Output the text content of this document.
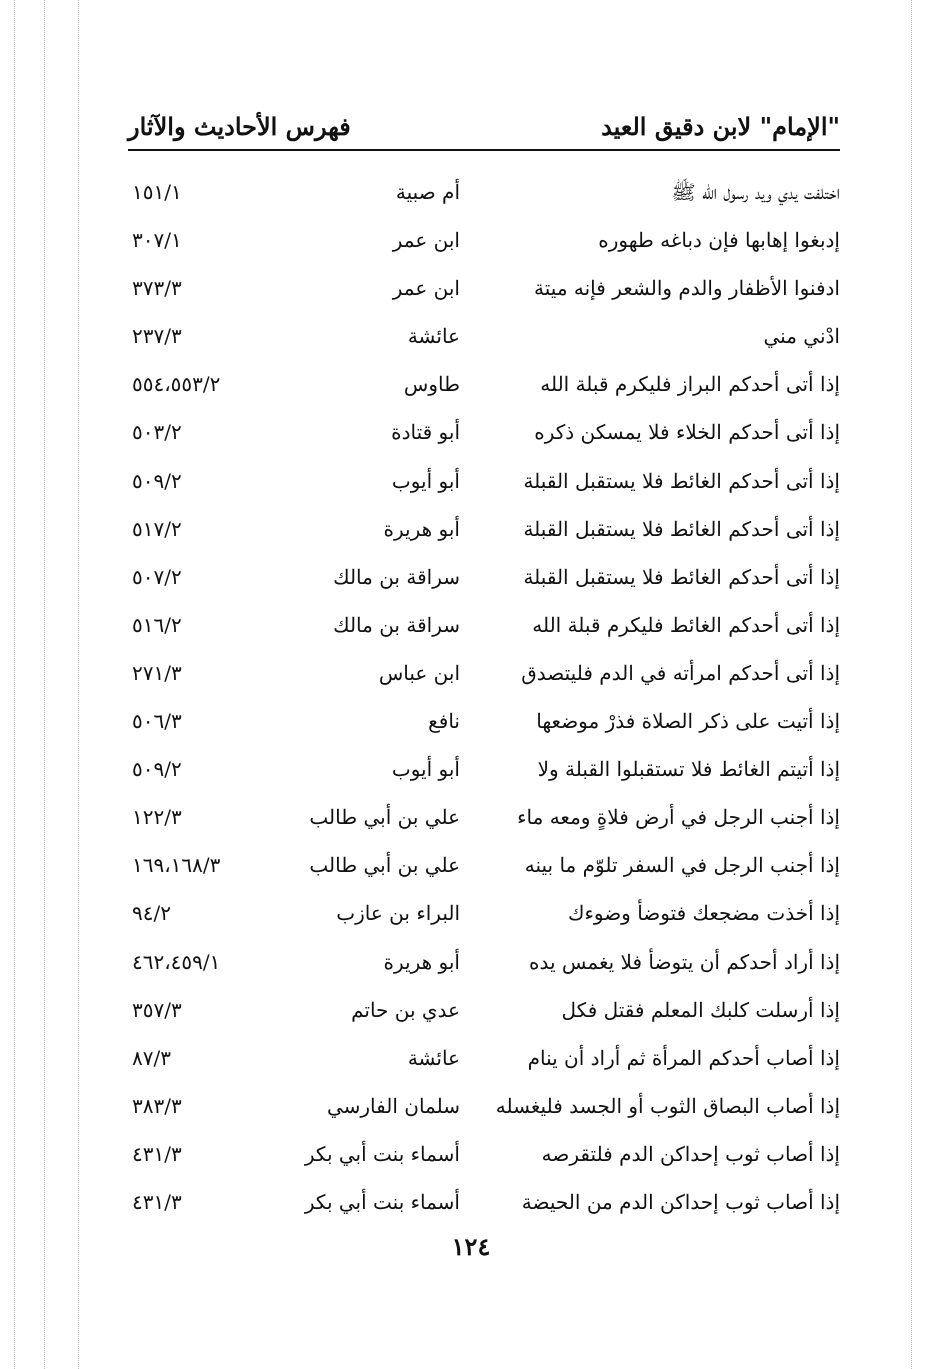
"الإمام" لابن دقيق العيد
فهرس الأحاديث والآثار
اختلفت يدي ويد رسول الله ﷺ
أم صبية
١٥١/١
إدبغوا إهابها فإن دباغه طهوره
ابن عمر
٣٠٧/١
ادفنوا الأظفار والدم والشعر فإنه ميتة
ابن عمر
٣٧٣/٣
ادْني مني
عائشة
٢٣٧/٣
إذا أتى أحدكم البراز فليكرم قبلة الله
طاوس
٥٥٤،٥٥٣/٢
إذا أتى أحدكم الخلاء فلا يمسكن ذكره
أبو قتادة
٥٠٣/٢
إذا أتى أحدكم الغائط فلا يستقبل القبلة
أبو أيوب
٥٠٩/٢
إذا أتى أحدكم الغائط فلا يستقبل القبلة
أبو هريرة
٥١٧/٢
إذا أتى أحدكم الغائط فلا يستقبل القبلة
سراقة بن مالك
٥٠٧/٢
إذا أتى أحدكم الغائط فليكرم قبلة الله
سراقة بن مالك
٥١٦/٢
إذا أتى أحدكم امرأته في الدم فليتصدق
ابن عباس
٢٧١/٣
إذا أتيت على ذكر الصلاة فذرْ موضعها
نافع
٥٠٦/٣
إذا أتيتم الغائط فلا تستقبلوا القبلة ولا
أبو أيوب
٥٠٩/٢
إذا أجنب الرجل في أرض فلاةٍ ومعه ماء
علي بن أبي طالب
١٢٢/٣
إذا أجنب الرجل في السفر تلوّم ما بينه
علي بن أبي طالب
١٦٩،١٦٨/٣
إذا أخذت مضجعك فتوضأ وضوءك
البراء بن عازب
٩٤/٢
إذا أراد أحدكم أن يتوضأ فلا يغمس يده
أبو هريرة
٤٦٢،٤٥٩/١
إذا أرسلت كلبك المعلم فقتل فكل
عدي بن حاتم
٣٥٧/٣
إذا أصاب أحدكم المرأة ثم أراد أن ينام
عائشة
٨٧/٣
إذا أصاب البصاق الثوب أو الجسد فليغسله
سلمان الفارسي
٣٨٣/٣
إذا أصاب ثوب إحداكن الدم فلتقرصه
أسماء بنت أبي بكر
٤٣١/٣
إذا أصاب ثوب إحداكن الدم من الحيضة
أسماء بنت أبي بكر
٤٣١/٣
١٢٤
